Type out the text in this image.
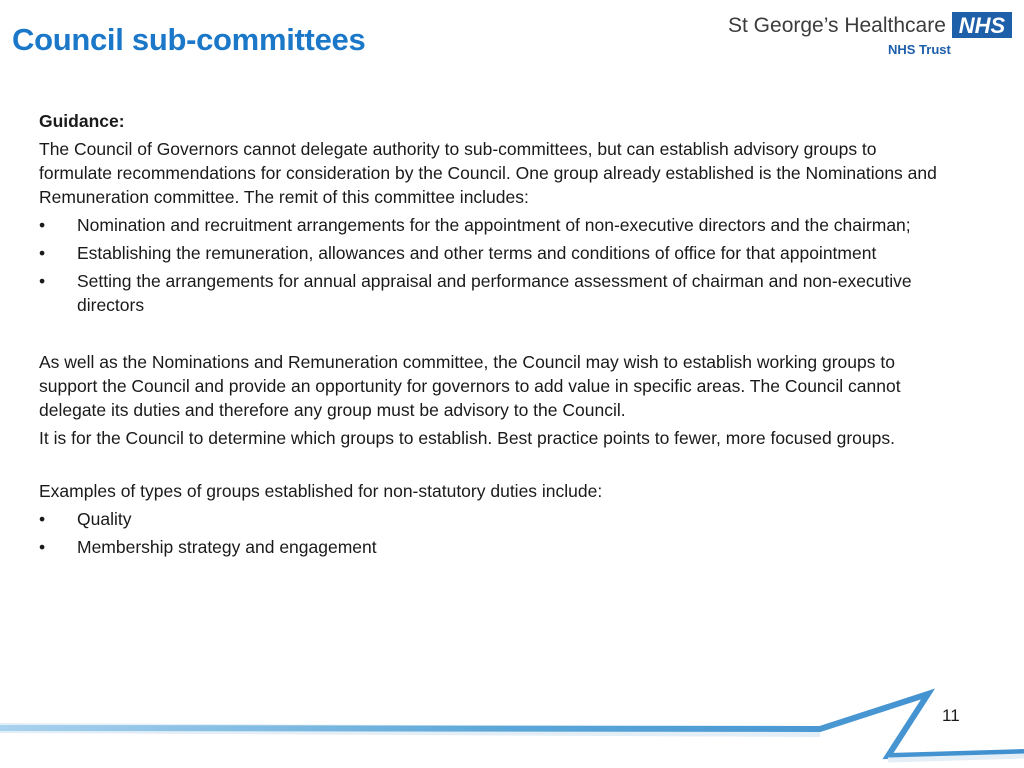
Council sub-committees	St George’s Healthcare NHS
NHS Trust

Guidance:

The Council of Governors cannot delegate authority to sub-committees, but can establish advisory groups to formulate recommendations for consideration by the Council. One group already established is the Nominations and Remuneration committee. The remit of this committee includes:

• Nomination and recruitment arrangements for the appointment of non-executive directors and the chairman;
• Establishing the remuneration, allowances and other terms and conditions of office for that appointment
• Setting the arrangements for annual appraisal and performance assessment of chairman and non-executive directors

As well as the Nominations and Remuneration committee, the Council may wish to establish working groups to support the Council and provide an opportunity for governors to add value in specific areas. The Council cannot delegate its duties and therefore any group must be advisory to the Council.

It is for the Council to determine which groups to establish. Best practice points to fewer, more focused groups.

Examples of types of groups established for non-statutory duties include:

• Quality
• Membership strategy and engagement
11
